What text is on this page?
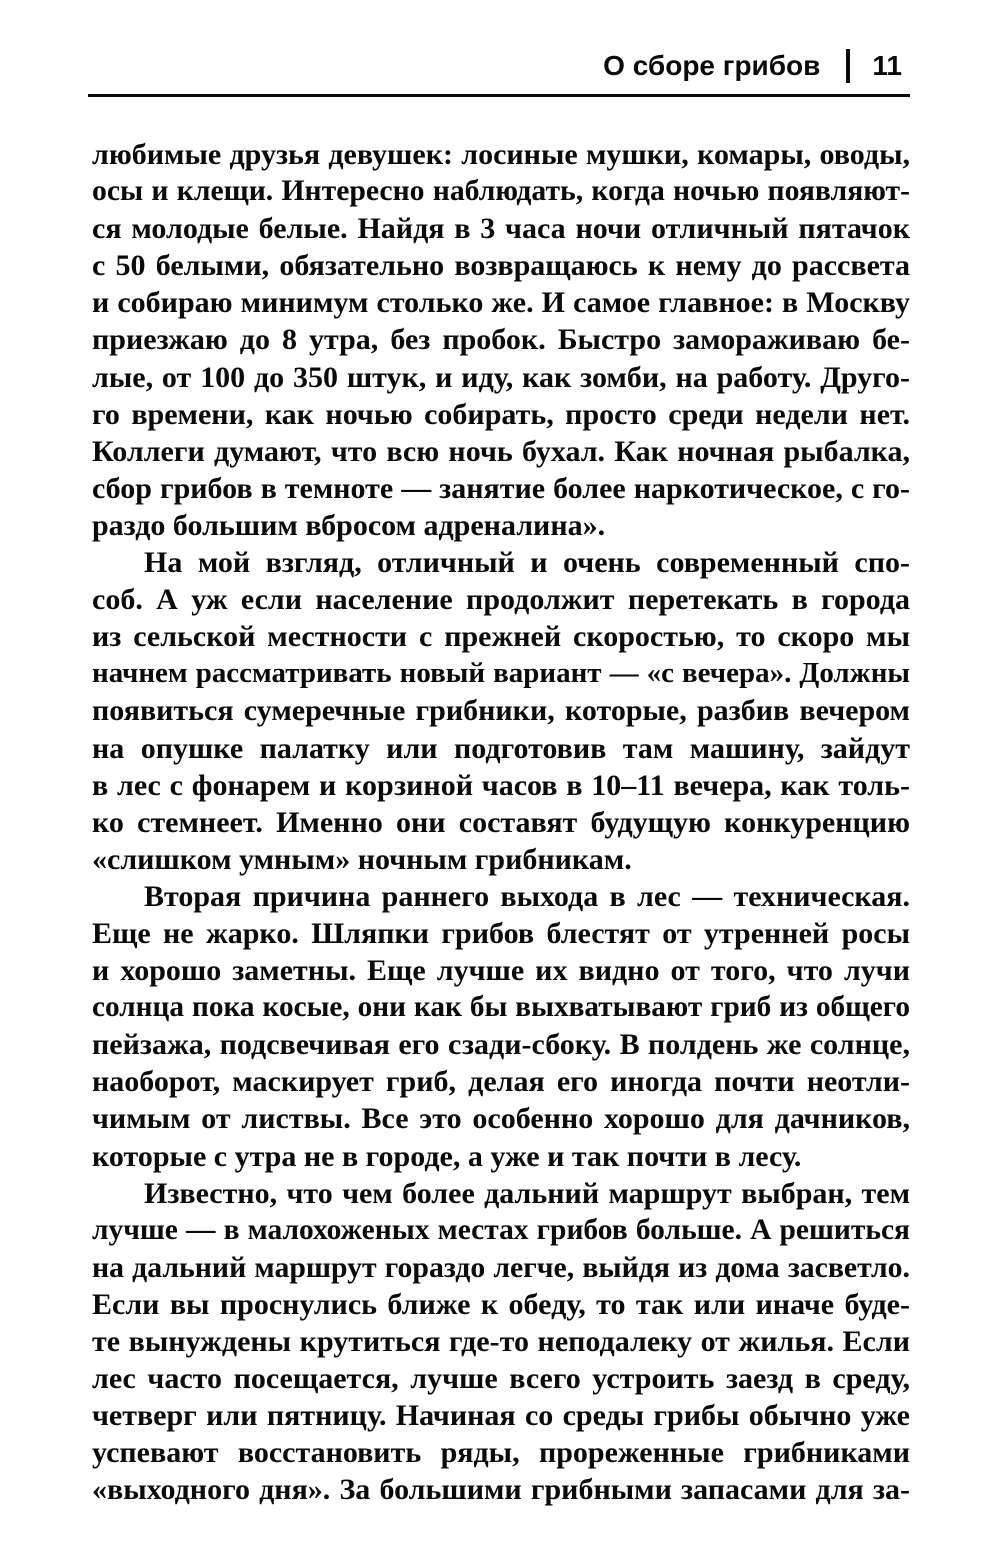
О сборе грибов 11
любимые друзья девушек: лосиные мушки, комары, оводы,
осы и клещи. Интересно наблюдать, когда ночью появляют-
ся молодые белые. Найдя в 3 часа ночи отличный пятачок
с 50 белыми, обязательно возвращаюсь к нему до рассвета
и собираю минимум столько же. И самое главное: в Москву
приезжаю до 8 утра, без пробок. Быстро замораживаю бе-
лые, от 100 до 350 штук, и иду, как зомби, на работу. Друго-
го времени, как ночью собирать, просто среди недели нет.
Коллеги думают, что всю ночь бухал. Как ночная рыбалка,
сбор грибов в темноте — занятие более наркотическое, с го-
раздо большим вбросом адреналина».
На мой взгляд, отличный и очень современный спо-
соб. А уж если население продолжит перетекать в города
из сельской местности с прежней скоростью, то скоро мы
начнем рассматривать новый вариант — «с вечера». Должны
появиться сумеречные грибники, которые, разбив вечером
на опушке палатку или подготовив там машину, зайдут
в лес с фонарем и корзиной часов в 10–11 вечера, как толь-
ко стемнеет. Именно они составят будущую конкуренцию
«слишком умным» ночным грибникам.
Вторая причина раннего выхода в лес — техническая.
Еще не жарко. Шляпки грибов блестят от утренней росы
и хорошо заметны. Еще лучше их видно от того, что лучи
солнца пока косые, они как бы выхватывают гриб из общего
пейзажа, подсвечивая его сзади-сбоку. В полдень же солнце,
наоборот, маскирует гриб, делая его иногда почти неотли-
чимым от листвы. Все это особенно хорошо для дачников,
которые с утра не в городе, а уже и так почти в лесу.
Известно, что чем более дальний маршрут выбран, тем
лучше — в малохоженых местах грибов больше. А решиться
на дальний маршрут гораздо легче, выйдя из дома засветло.
Если вы проснулись ближе к обеду, то так или иначе буде-
те вынуждены крутиться где-то неподалеку от жилья. Если
лес часто посещается, лучше всего устроить заезд в среду,
четверг или пятницу. Начиная со среды грибы обычно уже
успевают восстановить ряды, прореженные грибниками
«выходного дня». За большими грибными запасами для за-
